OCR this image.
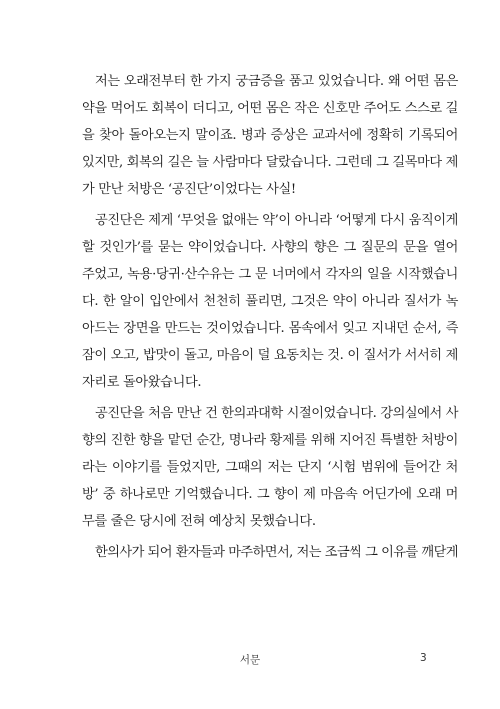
저는 오래전부터 한 가지 궁금증을 품고 있었습니다. 왜 어떤 몸은
약을 먹어도 회복이 더디고, 어떤 몸은 작은 신호만 주어도 스스로 길
을 찾아 돌아오는지 말이죠. 병과 증상은 교과서에 정확히 기록되어
있지만, 회복의 길은 늘 사람마다 달랐습니다. 그런데 그 길목마다 제
가 만난 처방은 ‘공진단’이었다는 사실!

공진단은 제게 ‘무엇을 없애는 약’이 아니라 ‘어떻게 다시 움직이게
할 것인가’를 묻는 약이었습니다. 사향의 향은 그 질문의 문을 열어
주었고, 녹용·당귀·산수유는 그 문 너머에서 각자의 일을 시작했습니
다. 한 알이 입안에서 천천히 풀리면, 그것은 약이 아니라 질서가 녹
아드는 장면을 만드는 것이었습니다. 몸속에서 잊고 지내던 순서, 즉
잠이 오고, 밥맛이 돌고, 마음이 덜 요동치는 것. 이 질서가 서서히 제
자리로 돌아왔습니다.

공진단을 처음 만난 건 한의과대학 시절이었습니다. 강의실에서 사
향의 진한 향을 맡던 순간, 명나라 황제를 위해 지어진 특별한 처방이
라는 이야기를 들었지만, 그때의 저는 단지 ‘시험 범위에 들어간 처
방’ 중 하나로만 기억했습니다. 그 향이 제 마음속 어딘가에 오래 머
무를 줄은 당시에 전혀 예상치 못했습니다.

한의사가 되어 환자들과 마주하면서, 저는 조금씩 그 이유를 깨닫게

서문	3
